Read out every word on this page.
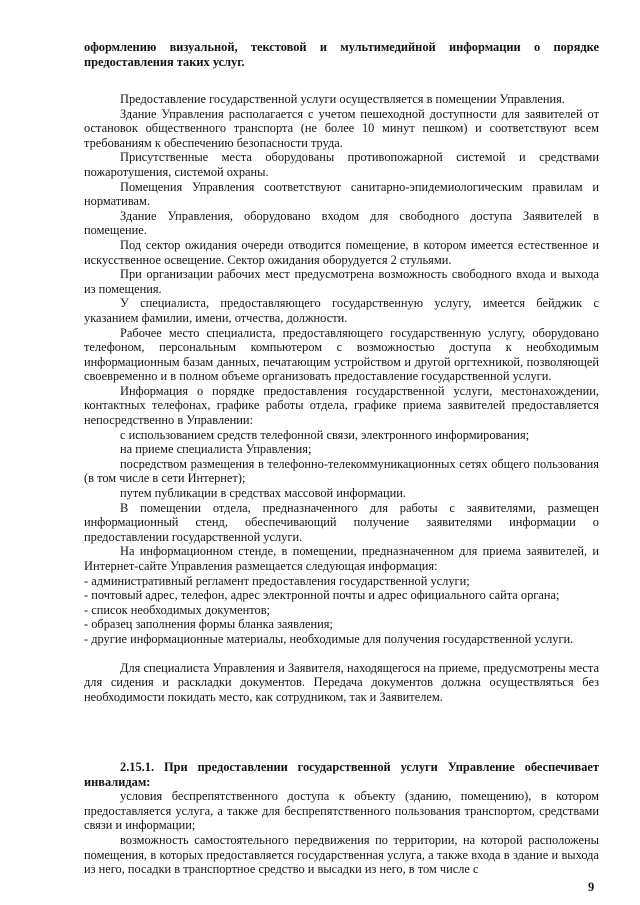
оформлению визуальной, текстовой и мультимедийной информации о порядке предоставления таких услуг.

Предоставление государственной услуги осуществляется в помещении Управления.

Здание Управления располагается с учетом пешеходной доступности для заявителей от остановок общественного транспорта (не более 10 минут пешком) и соответствуют всем требованиям к обеспечению безопасности труда.

Присутственные места оборудованы противопожарной системой и средствами пожаротушения, системой охраны.

Помещения Управления соответствуют санитарно-эпидемиологическим правилам и нормативам.

Здание Управления, оборудовано входом для свободного доступа Заявителей в помещение.

Под сектор ожидания очереди отводится помещение, в котором имеется естественное и искусственное освещение. Сектор ожидания оборудуется 2 стульями.

При организации рабочих мест предусмотрена возможность свободного входа и выхода из помещения.

У специалиста, предоставляющего государственную услугу, имеется бейджик с указанием фамилии, имени, отчества, должности.

Рабочее место специалиста, предоставляющего государственную услугу, оборудовано телефоном, персональным компьютером с возможностью доступа к необходимым информационным базам данных, печатающим устройством и другой оргтехникой, позволяющей своевременно и в полном объеме организовать предоставление государственной услуги.

Информация о порядке предоставления государственной услуги, местонахождении, контактных телефонах, графике работы отдела, графике приема заявителей предоставляется непосредственно в Управлении:

с использованием средств телефонной связи, электронного информирования;

на приеме специалиста Управления;

посредством размещения в телефонно-телекоммуникационных сетях общего пользования (в том числе в сети Интернет);

путем публикации в средствах массовой информации.

В помещении отдела, предназначенного для работы с заявителями, размещен информационный стенд, обеспечивающий получение заявителями информации о предоставлении государственной услуги.

На информационном стенде, в помещении, предназначенном для приема заявителей, и Интернет-сайте Управления размещается следующая информация:

- административный регламент предоставления государственной услуги;

- почтовый адрес, телефон, адрес электронной почты и адрес официального сайта органа;

- список необходимых документов;

- образец заполнения формы бланка заявления;

- другие информационные материалы, необходимые для получения государственной услуги.

Для специалиста Управления и Заявителя, находящегося на приеме, предусмотрены места для сидения и раскладки документов. Передача документов должна осуществляться без необходимости покидать место, как сотрудником, так и Заявителем.

2.15.1. При предоставлении государственной услуги Управление обеспечивает инвалидам:

условия беспрепятственного доступа к объекту (зданию, помещению), в котором предоставляется услуга, а также для беспрепятственного пользования транспортом, средствами связи и информации;

возможность самостоятельного передвижения по территории, на которой расположены помещения, в которых предоставляется государственная услуга, а также входа в здание и выхода из него, посадки в транспортное средство и высадки из него, в том числе с

9
